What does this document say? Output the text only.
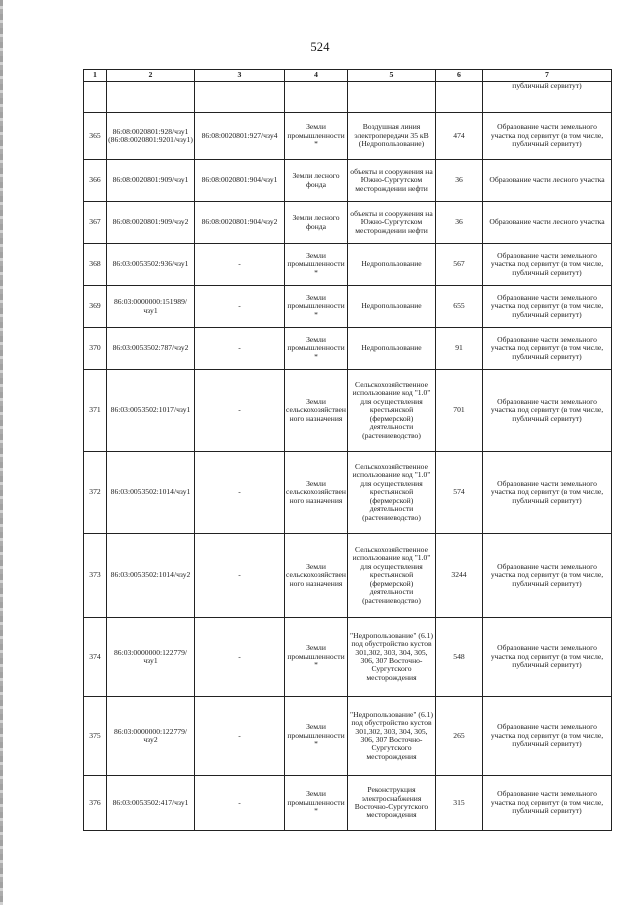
524
1	2	3	4	5	6	7
						публичный сервитут)
365	86:08:0020801:928/чзу1 (86:08:0020801:9201/чзу1)	86:08:0020801:927/чзу4	Земли промышленности*	Воздушная линия электропередачи 35 кВ (Недропользование)	474	Образование части земельного участка под сервитут (в том числе, публичный сервитут)
366	86:08:0020801:909/чзу1	86:08:0020801:904/чзу1	Земли лесного фонда	объекты и сооружения на Южно-Сургутском месторождении нефти	36	Образование части лесного участка
367	86:08:0020801:909/чзу2	86:08:0020801:904/чзу2	Земли лесного фонда	объекты и сооружения на Южно-Сургутском месторождении нефти	36	Образование части лесного участка
368	86:03:0053502:936/чзу1	-	Земли промышленности*	Недропользование	567	Образование части земельного участка под сервитут (в том числе, публичный сервитут)
369	86:03:0000000:151989/чзу1	-	Земли промышленности*	Недропользование	655	Образование части земельного участка под сервитут (в том числе, публичный сервитут)
370	86:03:0053502:787/чзу2	-	Земли промышленности*	Недропользование	91	Образование части земельного участка под сервитут (в том числе, публичный сервитут)
371	86:03:0053502:1017/чзу1	-	Земли сельскохозяйственного назначения	Сельскохозяйственное использование код "1.0" для осуществления крестьянской (фермерской) деятельности (растениеводство)	701	Образование части земельного участка под сервитут (в том числе, публичный сервитут)
372	86:03:0053502:1014/чзу1	-	Земли сельскохозяйственного назначения	Сельскохозяйственное использование код "1.0" для осуществления крестьянской (фермерской) деятельности (растениеводство)	574	Образование части земельного участка под сервитут (в том числе, публичный сервитут)
373	86:03:0053502:1014/чзу2	-	Земли сельскохозяйственного назначения	Сельскохозяйственное использование код "1.0" для осуществления крестьянской (фермерской) деятельности (растениеводство)	3244	Образование части земельного участка под сервитут (в том числе, публичный сервитут)
374	86:03:0000000:122779/чзу1	-	Земли промышленности*	"Недропользование" (6.1) под обустройство кустов 301,302, 303, 304, 305, 306, 307 Восточно-Сургутского месторождения	548	Образование части земельного участка под сервитут (в том числе, публичный сервитут)
375	86:03:0000000:122779/чзу2	-	Земли промышленности*	"Недропользование" (6.1) под обустройство кустов 301,302, 303, 304, 305, 306, 307 Восточно-Сургутского месторождения	265	Образование части земельного участка под сервитут (в том числе, публичный сервитут)
376	86:03:0053502:417/чзу1	-	Земли промышленности*	Реконструкция электроснабжения Восточно-Сургутского месторождения	315	Образование части земельного участка под сервитут (в том числе, публичный сервитут)
